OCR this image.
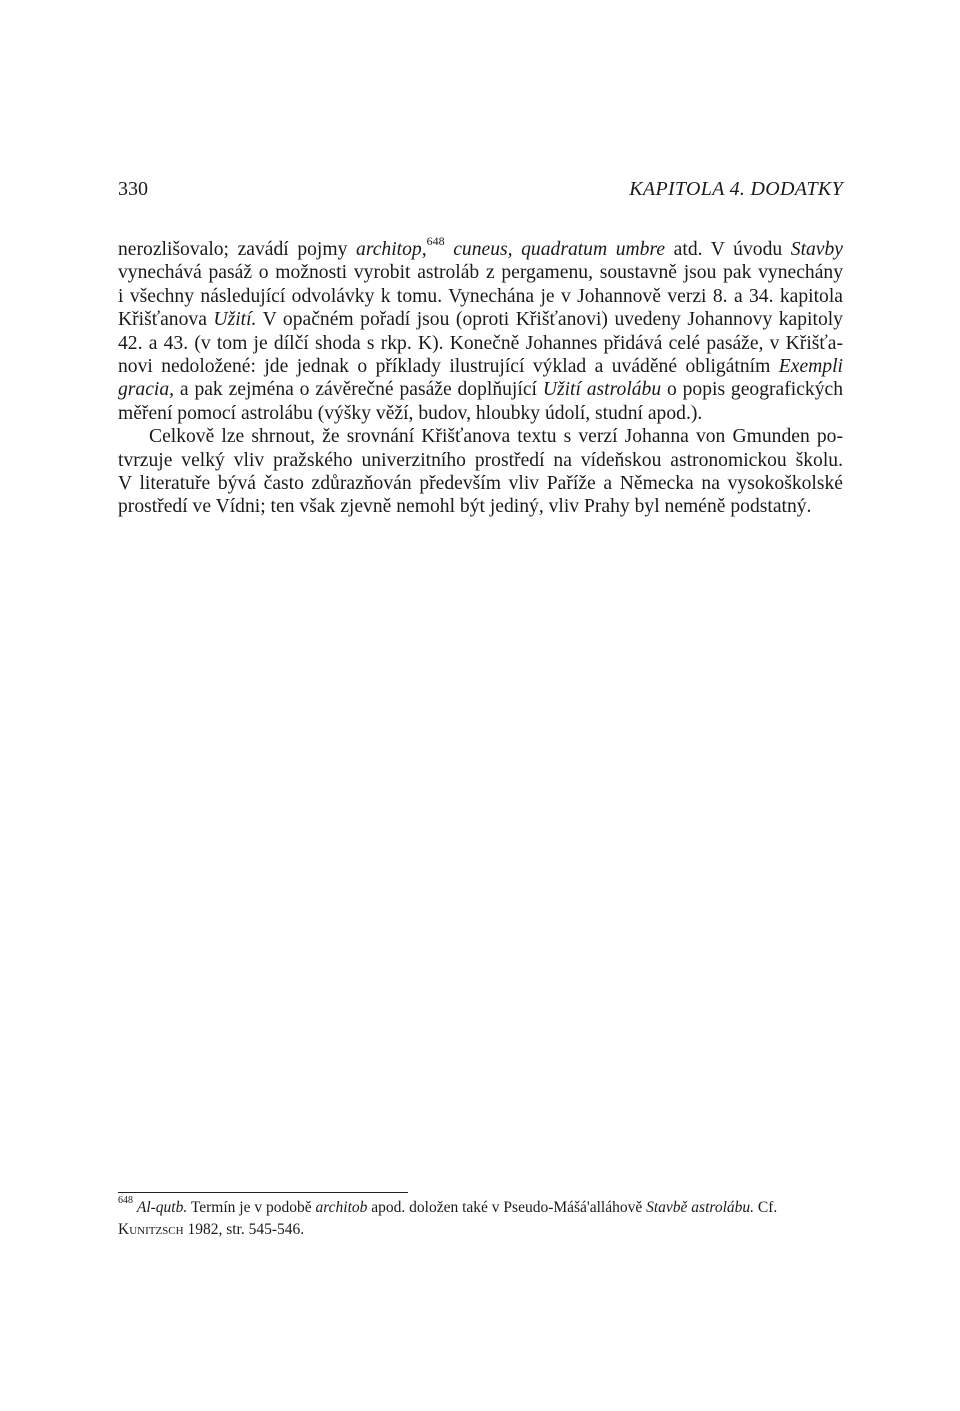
330	KAPITOLA 4. DODATKY
nerozlišovalo; zavádí pojmy architop,$^{648}$ cuneus, quadratum umbre atd. V úvodu Stavby
vynechává pasáž o možnosti vyrobit astroláb z pergamenu, soustavně jsou pak vynechány
i všechny následující odvolávky k tomu. Vynechána je v Johannově verzi 8. a 34. kapitola
Křišťanova Užití. V opačném pořadí jsou (oproti Křišťanovi) uvedeny Johannovy kapitoly
42. a 43. (v tom je dílčí shoda s rkp. K). Konečně Johannes přidává celé pasáže, v Křišťa-
novi nedoložené: jde jednak o příklady ilustrující výklad a uváděné obligátním Exempli
gracia, a pak zejména o závěrečné pasáže doplňující Užití astrolábu o popis geografických
měření pomocí astrolábu (výšky věží, budov, hloubky údolí, studní apod.).
Celkově lze shrnout, že srovnání Křišťanova textu s verzí Johanna von Gmunden po-
tvrzuje velký vliv pražského univerzitního prostředí na vídeňskou astronomickou školu.
V literatuře bývá často zdůrazňován především vliv Paříže a Německa na vysokoškolské
prostředí ve Vídni; ten však zjevně nemohl být jediný, vliv Prahy byl neméně podstatný.
$^{648}$ Al-qutb. Termín je v podobě architob apod. doložen také v Pseudo-Mášá'alláhově Stavbě astrolábu. Cf.
Kunitzsch 1982, str. 545-546.
